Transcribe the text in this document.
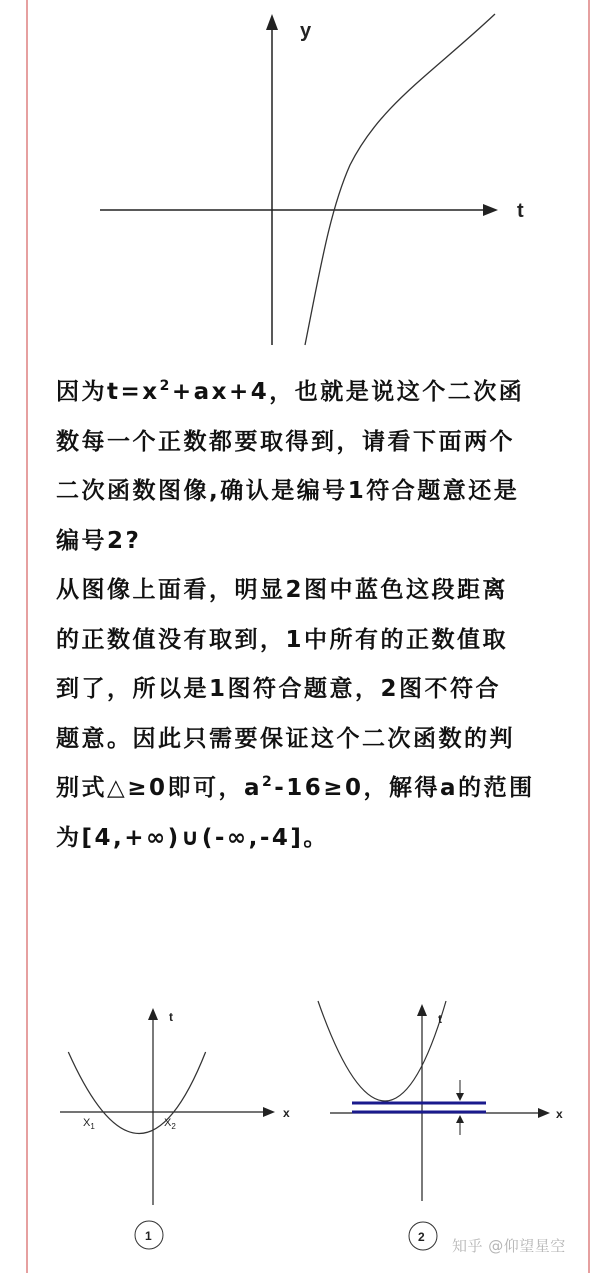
y
t
因为$t=x^2+ax+4$，也就是说这个二次函
数每一个正数都要取得到，请看下面两个
二次函数图像,确认是编号1符合题意还是
编号2?
从图像上面看，明显2图中蓝色这段距离
的正数值没有取到，1中所有的正数值取
到了，所以是1图符合题意，2图不符合
题意。因此只需要保证这个二次函数的判
别式△≥0即可，$a^2-16\ge 0$，解得a的范围
为[4,+∞)∪(-∞,-4]。
t
x
$X_1$	$X_2$
1
t
x
2 知乎 @仰望星空
